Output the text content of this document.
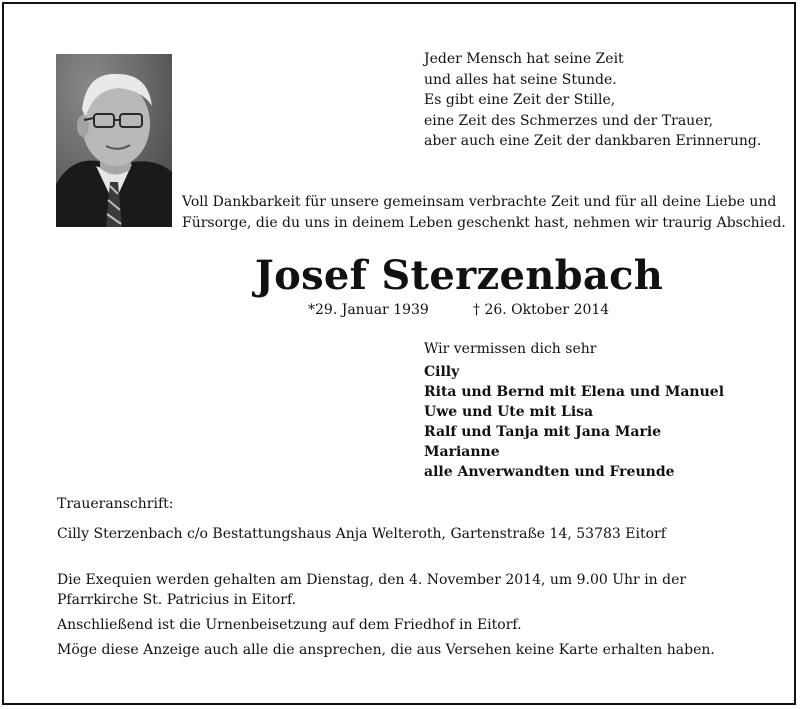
Jeder Mensch hat seine Zeit
und alles hat seine Stunde.
Es gibt eine Zeit der Stille,
eine Zeit des Schmerzes und der Trauer,
aber auch eine Zeit der dankbaren Erinnerung.
Voll Dankbarkeit für unsere gemeinsam verbrachte Zeit und für all deine Liebe und
Fürsorge, die du uns in deinem Leben geschenkt hast, nehmen wir traurig Abschied.
Josef Sterzenbach
*29. Januar 1939	† 26. Oktober 2014
Wir vermissen dich sehr
Cilly
Rita und Bernd mit Elena und Manuel
Uwe und Ute mit Lisa
Ralf und Tanja mit Jana Marie
Marianne
alle Anverwandten und Freunde
Traueranschrift:
Cilly Sterzenbach c/o Bestattungshaus Anja Welteroth, Gartenstraße 14, 53783 Eitorf

Die Exequien werden gehalten am Dienstag, den 4. November 2014, um 9.00 Uhr in der Pfarrkirche St. Patricius in Eitorf.

Anschließend ist die Urnenbeisetzung auf dem Friedhof in Eitorf.

Möge diese Anzeige auch alle die ansprechen, die aus Versehen keine Karte erhalten haben.
